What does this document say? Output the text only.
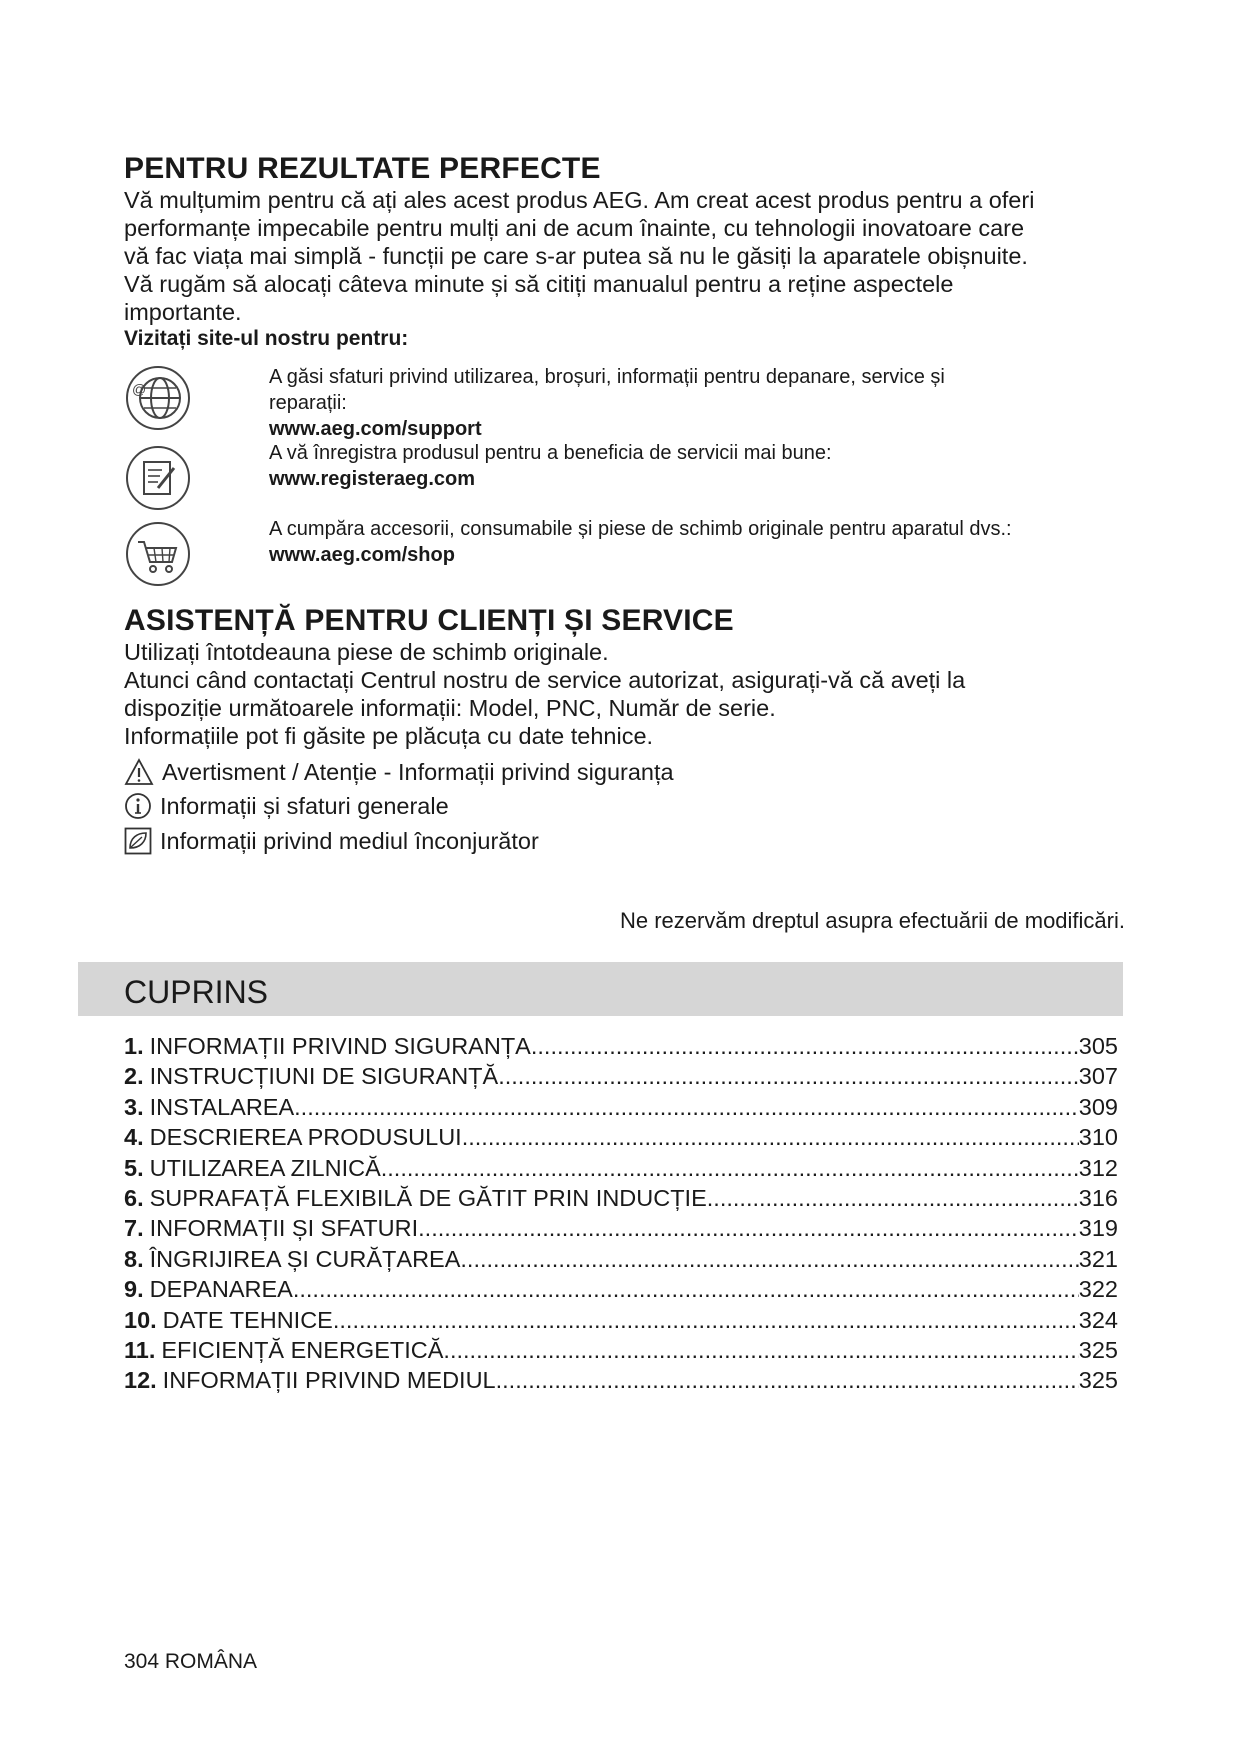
PENTRU REZULTATE PERFECTE
Vă mulțumim pentru că ați ales acest produs AEG. Am creat acest produs pentru a oferi
performanțe impecabile pentru mulți ani de acum înainte, cu tehnologii inovatoare care
vă fac viața mai simplă - funcții pe care s-ar putea să nu le găsiți la aparatele obișnuite.
Vă rugăm să alocați câteva minute și să citiți manualul pentru a reține aspectele
importante.
Vizitați site-ul nostru pentru:
@
A găsi sfaturi privind utilizarea, broșuri, informații pentru depanare, service și
reparații:
www.aeg.com/support
A vă înregistra produsul pentru a beneficia de servicii mai bune:
www.registeraeg.com
A cumpăra accesorii, consumabile și piese de schimb originale pentru aparatul dvs.:
www.aeg.com/shop
ASISTENȚĂ PENTRU CLIENȚI ȘI SERVICE
Utilizați întotdeauna piese de schimb originale.
Atunci când contactați Centrul nostru de service autorizat, asigurați-vă că aveți la
dispoziție următoarele informații: Model, PNC, Număr de serie.
Informațiile pot fi găsite pe plăcuța cu date tehnice.
Avertisment / Atenție - Informații privind siguranța
Informații și sfaturi generale
Informații privind mediul înconjurător
Ne rezervăm dreptul asupra efectuării de modificări.
CUPRINS
1. INFORMAȚII PRIVIND SIGURANȚA .....	305
2. INSTRUCȚIUNI DE SIGURANȚĂ .....	307
3. INSTALAREA .....	309
4. DESCRIEREA PRODUSULUI .....	310
5. UTILIZAREA ZILNICĂ .....	312
6. SUPRAFAȚĂ FLEXIBILĂ DE GĂTIT PRIN INDUCȚIE .....	316
7. INFORMAȚII ȘI SFATURI .....	319
8. ÎNGRIJIREA ȘI CURĂȚAREA .....	321
9. DEPANAREA .....	322
10. DATE TEHNICE .....	324
11. EFICIENȚĂ ENERGETICĂ .....	325
12. INFORMAȚII PRIVIND MEDIUL .....	325
304 ROMÂNA
